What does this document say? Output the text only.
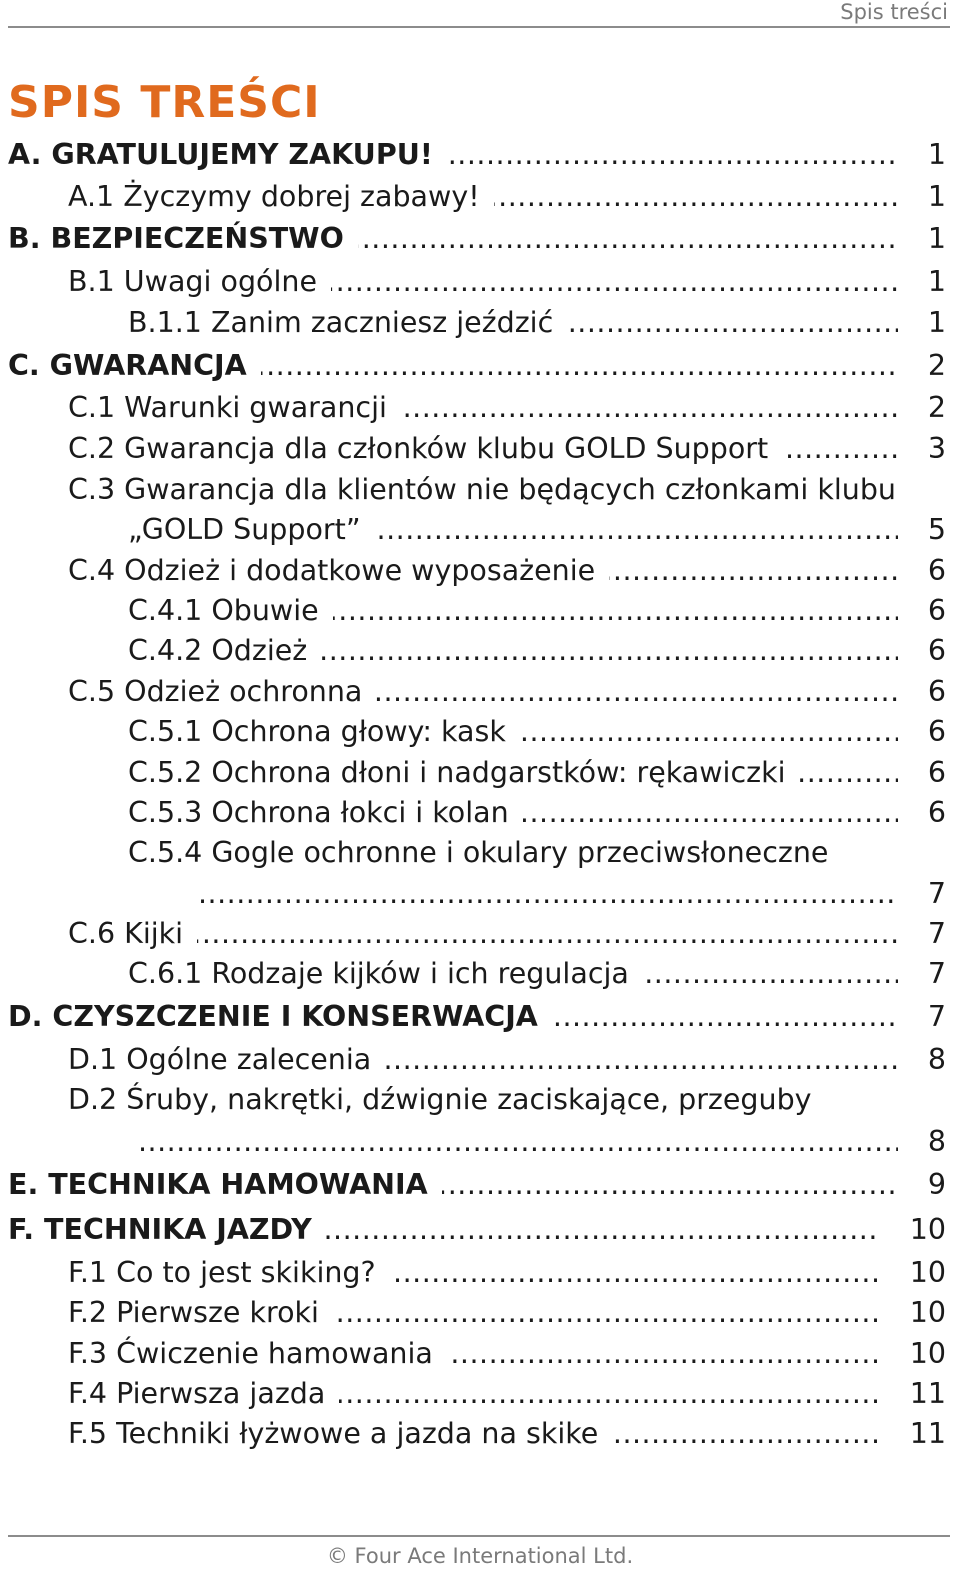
Spis treści
SPIS TREŚCI
.....
A. GRATULUJEMY ZAKUPU!	1
.....
A.1 Życzymy dobrej zabawy!	1
.....
B. BEZPIECZEŃSTWO	1
.....
B.1 Uwagi ogólne	1
.....
B.1.1 Zanim zaczniesz jeździć	1
.....
C. GWARANCJA	2
.....
C.1 Warunki gwarancji	2
.....
C.2 Gwarancja dla członków klubu GOLD Support	3
C.3 Gwarancja dla klientów nie będących członkami klubu
.....
„GOLD Support”	5
.....
C.4 Odzież i dodatkowe wyposażenie	6
.....
C.4.1 Obuwie	6
.....
C.4.2 Odzież	6
.....
C.5 Odzież ochronna	6
.....
C.5.1 Ochrona głowy: kask	6
.....
C.5.2 Ochrona dłoni i nadgarstków: rękawiczki	6
.....
C.5.3 Ochrona łokci i kolan	6
C.5.4 Gogle ochronne i okulary przeciwsłoneczne
.....
7
.....
C.6 Kijki	7
.....
C.6.1 Rodzaje kijków i ich regulacja	7
.....
D. CZYSZCZENIE I KONSERWACJA	7
.....
D.1 Ogólne zalecenia	8
D.2 Śruby, nakrętki, dźwignie zaciskające, przeguby
.....
8
.....
E. TECHNIKA HAMOWANIA	9
.....
F. TECHNIKA JAZDY	10
.....
F.1 Co to jest skiking?	10
.....
F.2 Pierwsze kroki	10
.....
F.3 Ćwiczenie hamowania	10
.....
F.4 Pierwsza jazda	11
.....
F.5 Techniki łyżwowe a jazda na skike	11
© Four Ace International Ltd.
